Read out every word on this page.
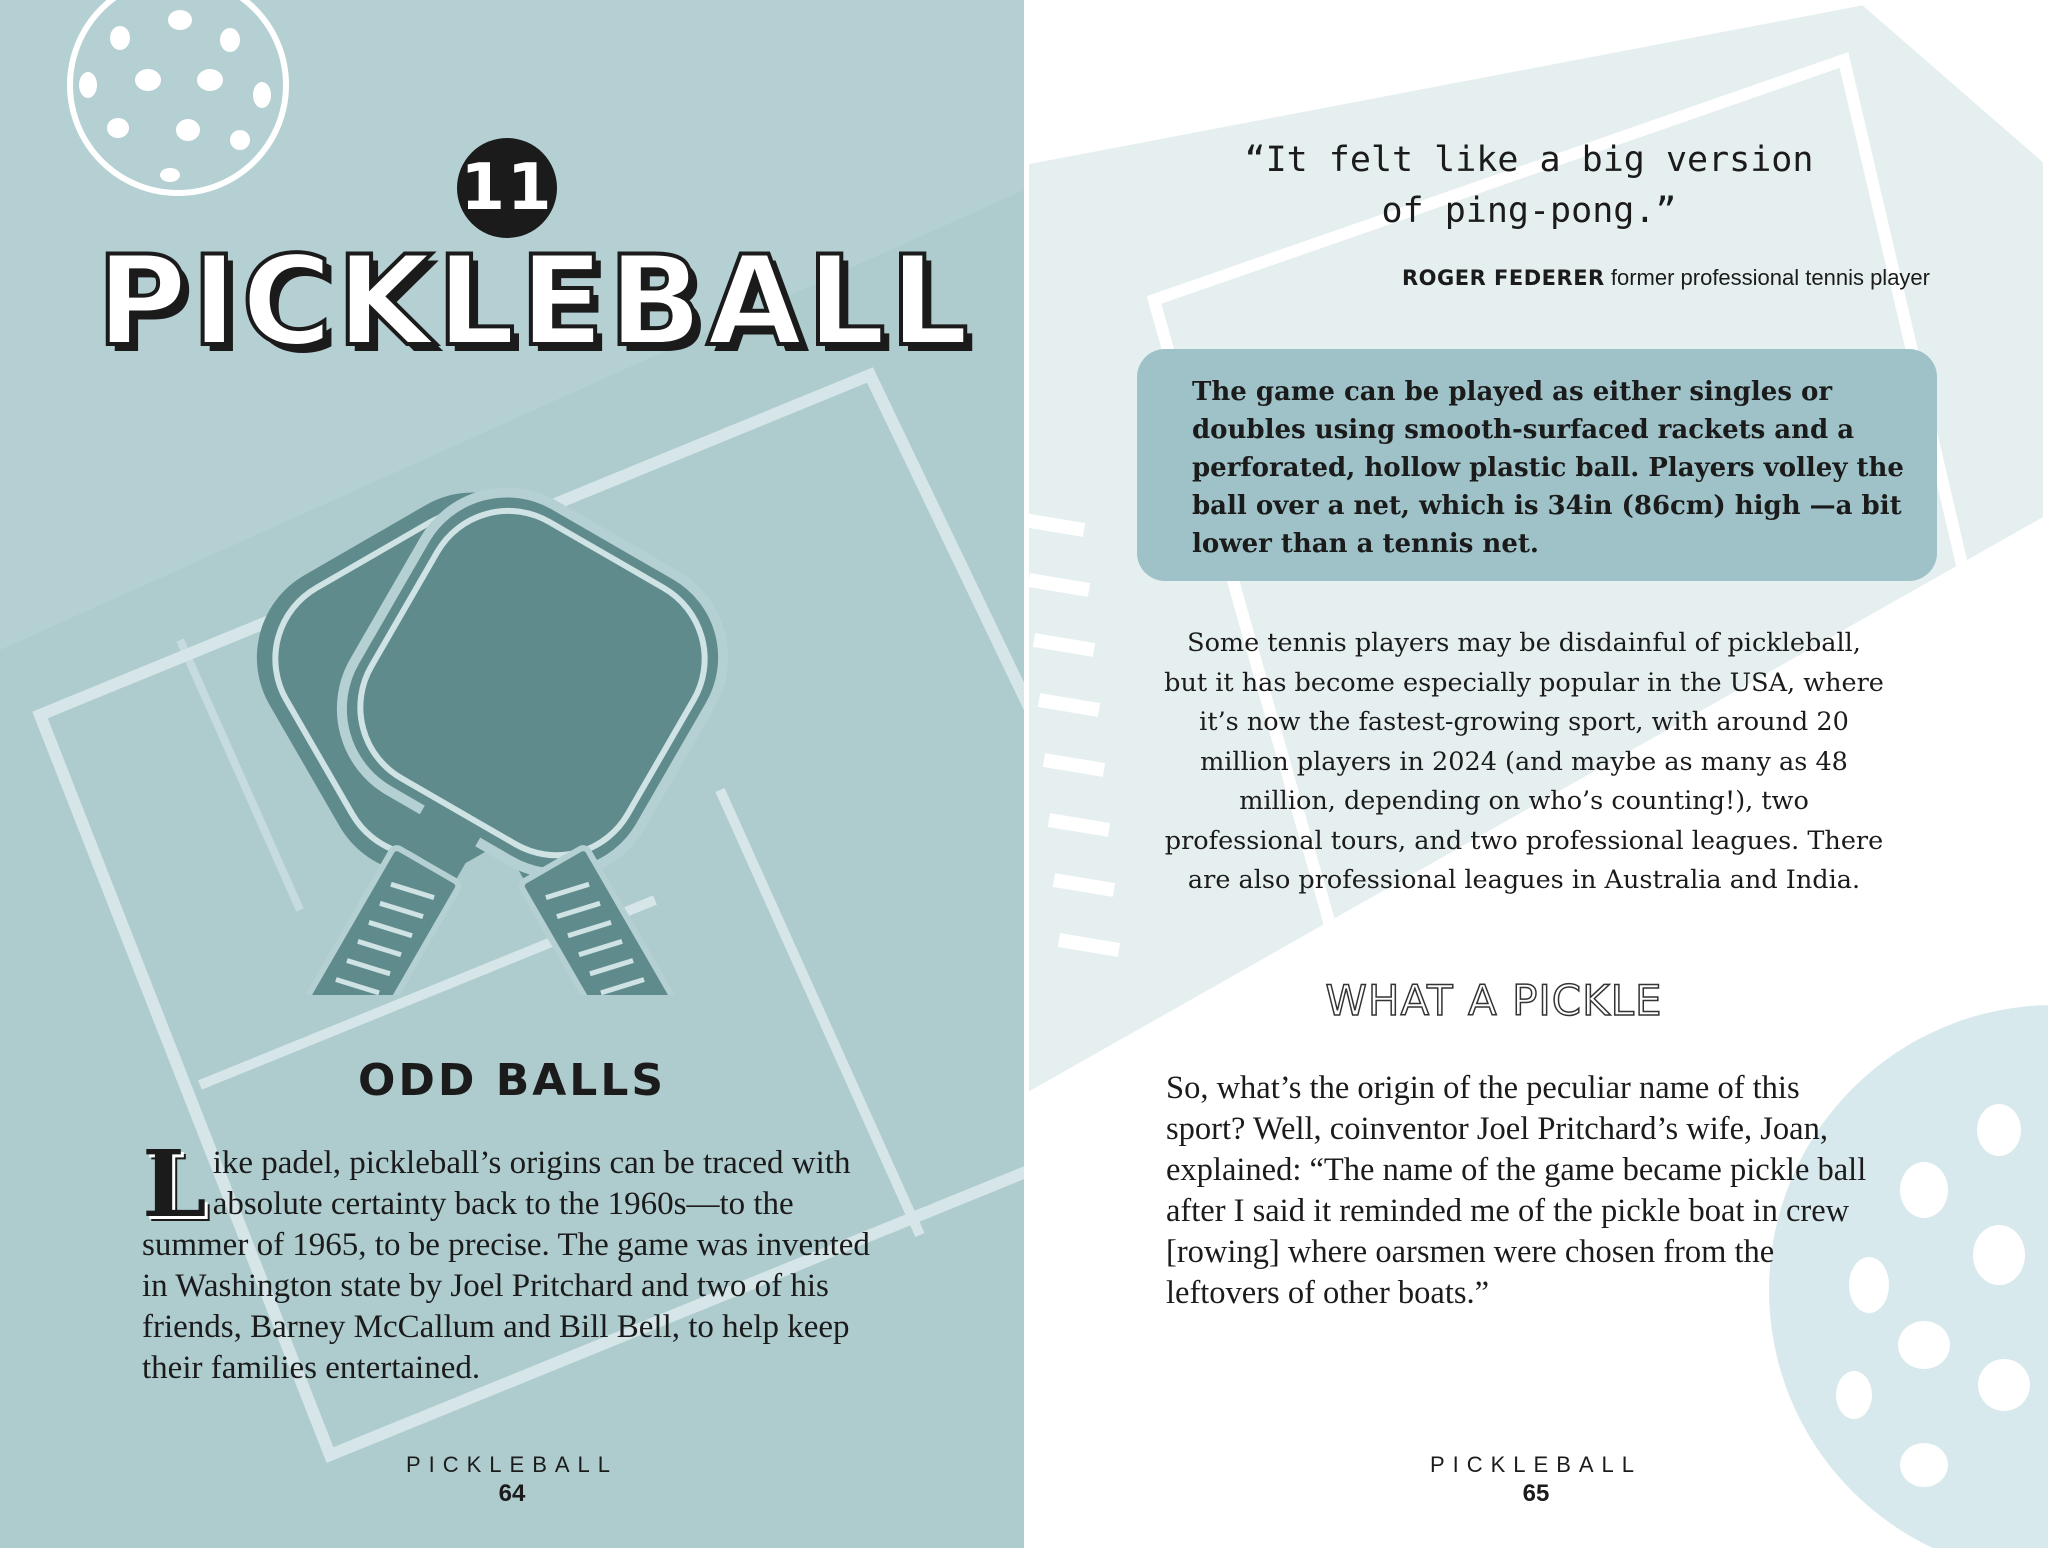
11
PICKLEBALL
ODD BALLS
Like padel, pickleball’s origins can be traced with absolute certainty back to the 1960s—to the summer of 1965, to be precise. The game was invented in Washington state by Joel Pritchard and two of his friends, Barney McCallum and Bill Bell, to help keep their families entertained.
PICKLEBALL
64
“It felt like a big version of ping-pong.”
ROGER FEDERER former professional tennis player

The game can be played as either singles or doubles using smooth-surfaced rackets and a perforated, hollow plastic ball. Players volley the ball over a net, which is 34in (86cm) high —a bit lower than a tennis net.

Some tennis players may be disdainful of pickleball, but it has become especially popular in the USA, where it’s now the fastest-growing sport, with around 20 million players in 2024 (and maybe as many as 48 million, depending on who’s counting!), two professional tours, and two professional leagues. There are also professional leagues in Australia and India.
WHAT A PICKLE
So, what’s the origin of the peculiar name of this sport? Well, coinventor Joel Pritchard’s wife, Joan, explained: “The name of the game became pickle ball after I said it reminded me of the pickle boat in crew [rowing] where oarsmen were chosen from the leftovers of other boats.”
PICKLEBALL
65
